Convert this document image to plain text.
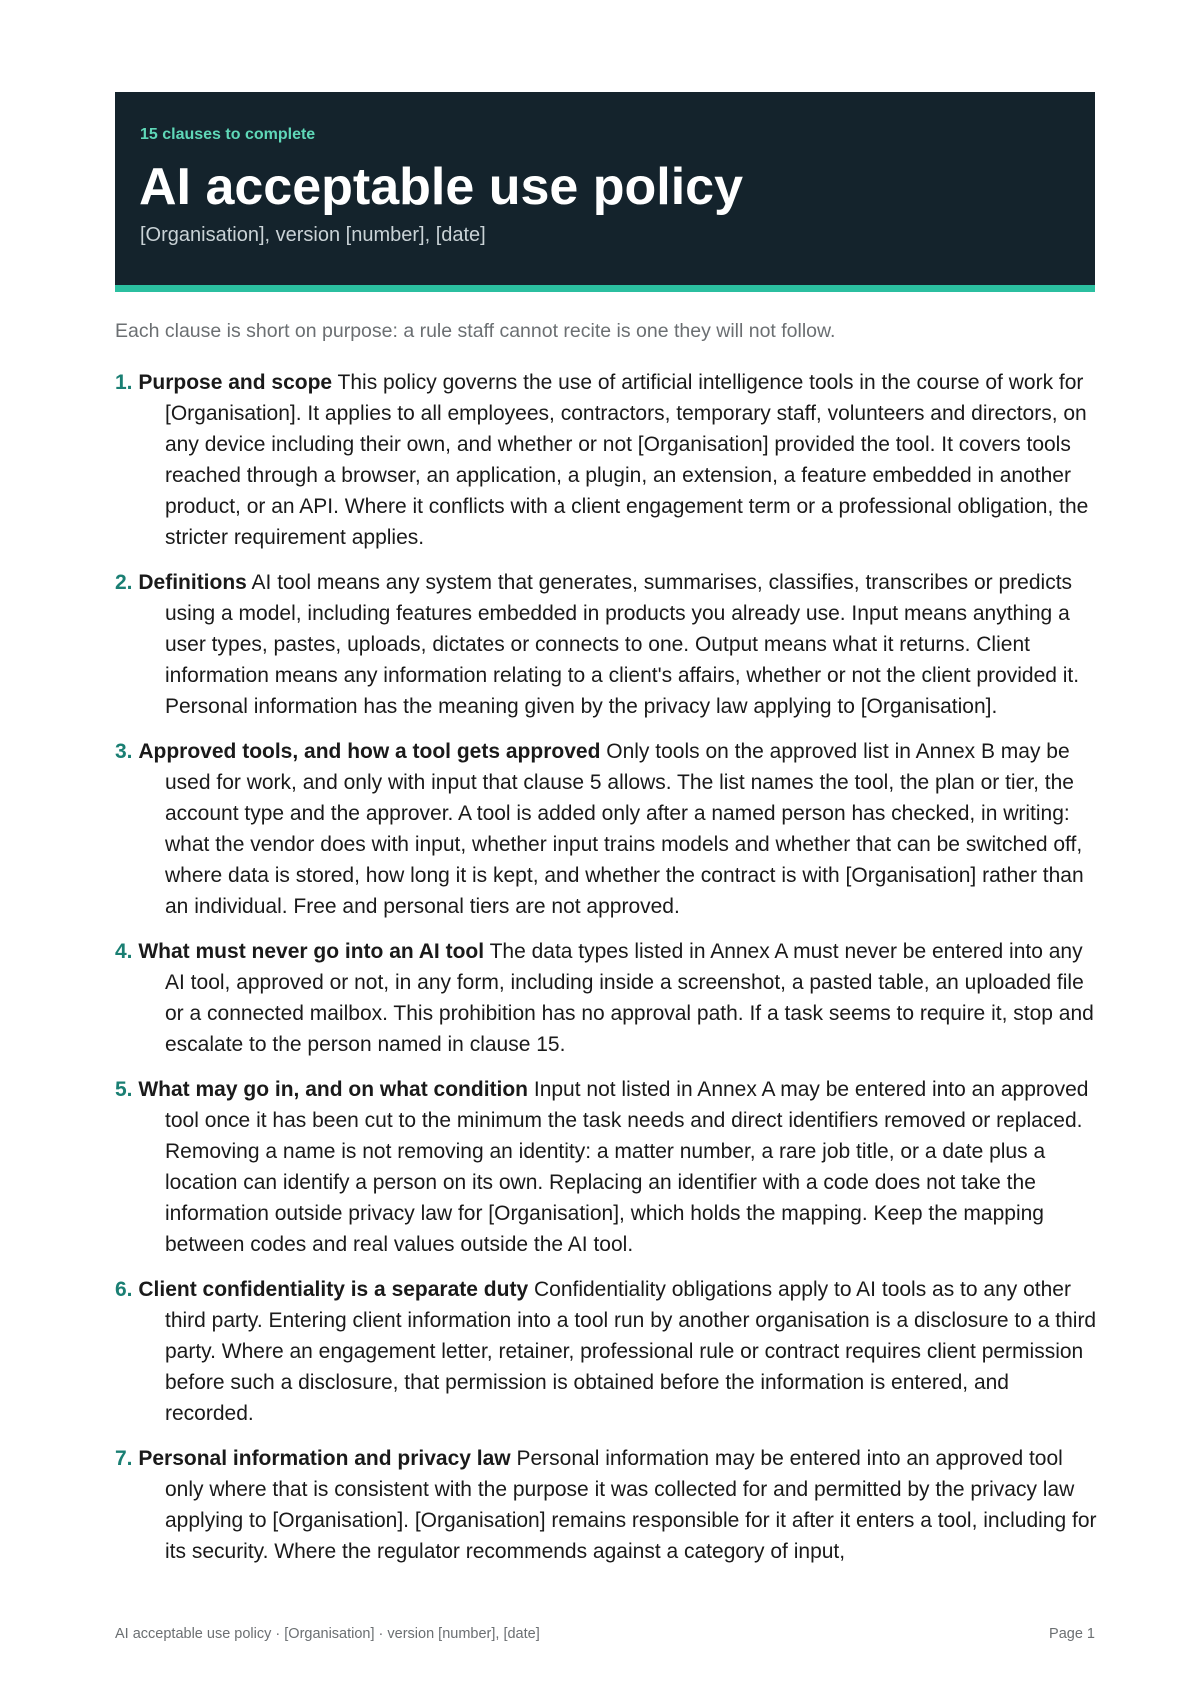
15 clauses to complete
AI acceptable use policy
[Organisation], version [number], [date]

Each clause is short on purpose: a rule staff cannot recite is one they will not follow.

1. Purpose and scope This policy governs the use of artificial intelligence tools in the course of work for [Organisation]. It applies to all employees, contractors, temporary staff, volunteers and directors, on any device including their own, and whether or not [Organisation] provided the tool. It covers tools reached through a browser, an application, a plugin, an extension, a feature embedded in another product, or an API. Where it conflicts with a client engagement term or a professional obligation, the stricter requirement applies.
2. Definitions AI tool means any system that generates, summarises, classifies, transcribes or predicts using a model, including features embedded in products you already use. Input means anything a user types, pastes, uploads, dictates or connects to one. Output means what it returns. Client information means any information relating to a client's affairs, whether or not the client provided it. Personal information has the meaning given by the privacy law applying to [Organisation].
3. Approved tools, and how a tool gets approved Only tools on the approved list in Annex B may be used for work, and only with input that clause 5 allows. The list names the tool, the plan or tier, the account type and the approver. A tool is added only after a named person has checked, in writing: what the vendor does with input, whether input trains models and whether that can be switched off, where data is stored, how long it is kept, and whether the contract is with [Organisation] rather than an individual. Free and personal tiers are not approved.
4. What must never go into an AI tool The data types listed in Annex A must never be entered into any AI tool, approved or not, in any form, including inside a screenshot, a pasted table, an uploaded file or a connected mailbox. This prohibition has no approval path. If a task seems to require it, stop and escalate to the person named in clause 15.
5. What may go in, and on what condition Input not listed in Annex A may be entered into an approved tool once it has been cut to the minimum the task needs and direct identifiers removed or replaced. Removing a name is not removing an identity: a matter number, a rare job title, or a date plus a location can identify a person on its own. Replacing an identifier with a code does not take the information outside privacy law for [Organisation], which holds the mapping. Keep the mapping between codes and real values outside the AI tool.
6. Client confidentiality is a separate duty Confidentiality obligations apply to AI tools as to any other third party. Entering client information into a tool run by another organisation is a disclosure to a third party. Where an engagement letter, retainer, professional rule or contract requires client permission before such a disclosure, that permission is obtained before the information is entered, and recorded.
7. Personal information and privacy law Personal information may be entered into an approved tool only where that is consistent with the purpose it was collected for and permitted by the privacy law applying to [Organisation]. [Organisation] remains responsible for it after it enters a tool, including for its security. Where the regulator recommends against a category of input,
AI acceptable use policy · [Organisation] · version [number], [date]	Page 1
